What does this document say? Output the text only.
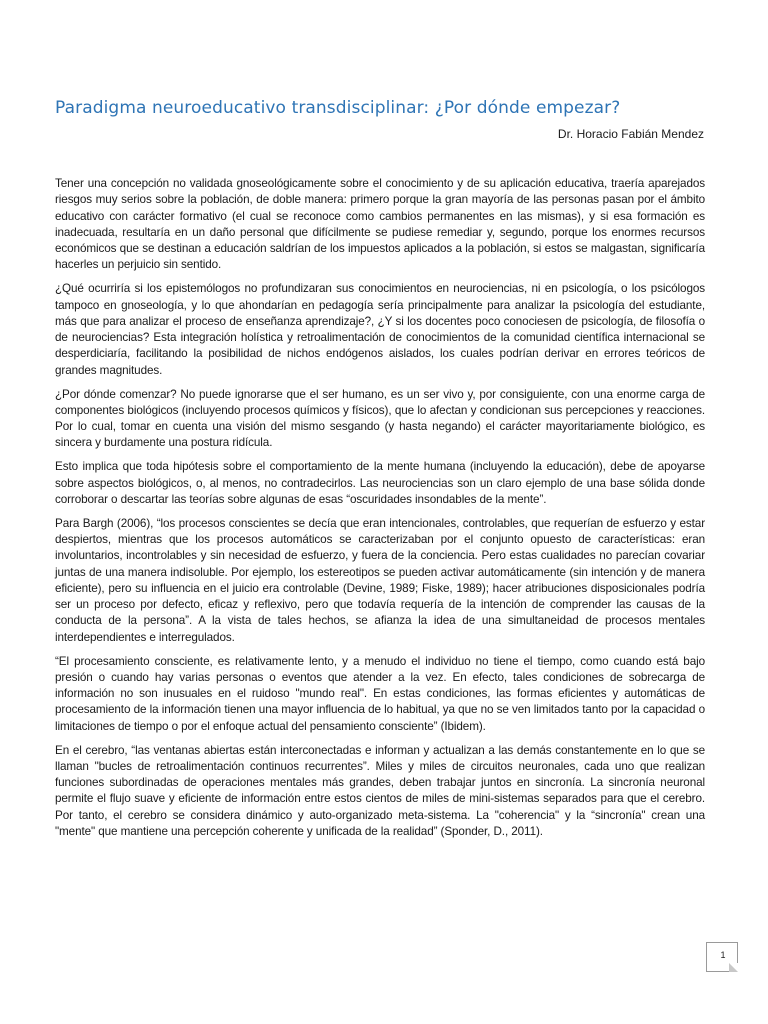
Paradigma neuroeducativo transdisciplinar: ¿Por dónde empezar?
Dr. Horacio Fabián Mendez

Tener una concepción no validada gnoseológicamente sobre el conocimiento y de su aplicación educativa, traería aparejados riesgos muy serios sobre la población, de doble manera: primero porque la gran mayoría de las personas pasan por el ámbito educativo con carácter formativo (el cual se reconoce como cambios permanentes en las mismas), y si esa formación es inadecuada, resultaría en un daño personal que difícilmente se pudiese remediar y, segundo, porque los enormes recursos económicos que se destinan a educación saldrían de los impuestos aplicados a la población, si estos se malgastan, significaría hacerles un perjuicio sin sentido.

¿Qué ocurriría si los epistemólogos no profundizaran sus conocimientos en neurociencias, ni en psicología, o los psicólogos tampoco en gnoseología, y lo que ahondarían en pedagogía sería principalmente para analizar la psicología del estudiante, más que para analizar el proceso de enseñanza aprendizaje?, ¿Y si los docentes poco conociesen de psicología, de filosofía o de neurociencias? Esta integración holística y retroalimentación de conocimientos de la comunidad científica internacional se desperdiciaría, facilitando la posibilidad de nichos endógenos aislados, los cuales podrían derivar en errores teóricos de grandes magnitudes.

¿Por dónde comenzar? No puede ignorarse que el ser humano, es un ser vivo y, por consiguiente, con una enorme carga de componentes biológicos (incluyendo procesos químicos y físicos), que lo afectan y condicionan sus percepciones y reacciones. Por lo cual, tomar en cuenta una visión del mismo sesgando (y hasta negando) el carácter mayoritariamente biológico, es sincera y burdamente una postura ridícula.

Esto implica que toda hipótesis sobre el comportamiento de la mente humana (incluyendo la educación), debe de apoyarse sobre aspectos biológicos, o, al menos, no contradecirlos. Las neurociencias son un claro ejemplo de una base sólida donde corroborar o descartar las teorías sobre algunas de esas “oscuridades insondables de la mente”.

Para Bargh (2006), “los procesos conscientes se decía que eran intencionales, controlables, que requerían de esfuerzo y estar despiertos, mientras que los procesos automáticos se caracterizaban por el conjunto opuesto de características: eran involuntarios, incontrolables y sin necesidad de esfuerzo, y fuera de la conciencia. Pero estas cualidades no parecían covariar juntas de una manera indisoluble. Por ejemplo, los estereotipos se pueden activar automáticamente (sin intención y de manera eficiente), pero su influencia en el juicio era controlable (Devine, 1989; Fiske, 1989); hacer atribuciones disposicionales podría ser un proceso por defecto, eficaz y reflexivo, pero que todavía requería de la intención de comprender las causas de la conducta de la persona”. A la vista de tales hechos, se afianza la idea de una simultaneidad de procesos mentales interdependientes e interregulados.

“El procesamiento consciente, es relativamente lento, y a menudo el individuo no tiene el tiempo, como cuando está bajo presión o cuando hay varias personas o eventos que atender a la vez. En efecto, tales condiciones de sobrecarga de información no son inusuales en el ruidoso "mundo real". En estas condiciones, las formas eficientes y automáticas de procesamiento de la información tienen una mayor influencia de lo habitual, ya que no se ven limitados tanto por la capacidad o limitaciones de tiempo o por el enfoque actual del pensamiento consciente” (Ibidem).

En el cerebro, “las ventanas abiertas están interconectadas e informan y actualizan a las demás constantemente en lo que se llaman "bucles de retroalimentación continuos recurrentes”. Miles y miles de circuitos neuronales, cada uno que realizan funciones subordinadas de operaciones mentales más grandes, deben trabajar juntos en sincronía. La sincronía neuronal permite el flujo suave y eficiente de información entre estos cientos de miles de mini-sistemas separados para que el cerebro. Por tanto, el cerebro se considera dinámico y auto-organizado meta-sistema. La "coherencia" y la “sincronía" crean una "mente" que mantiene una percepción coherente y unificada de la realidad” (Sponder, D., 2011).

1
